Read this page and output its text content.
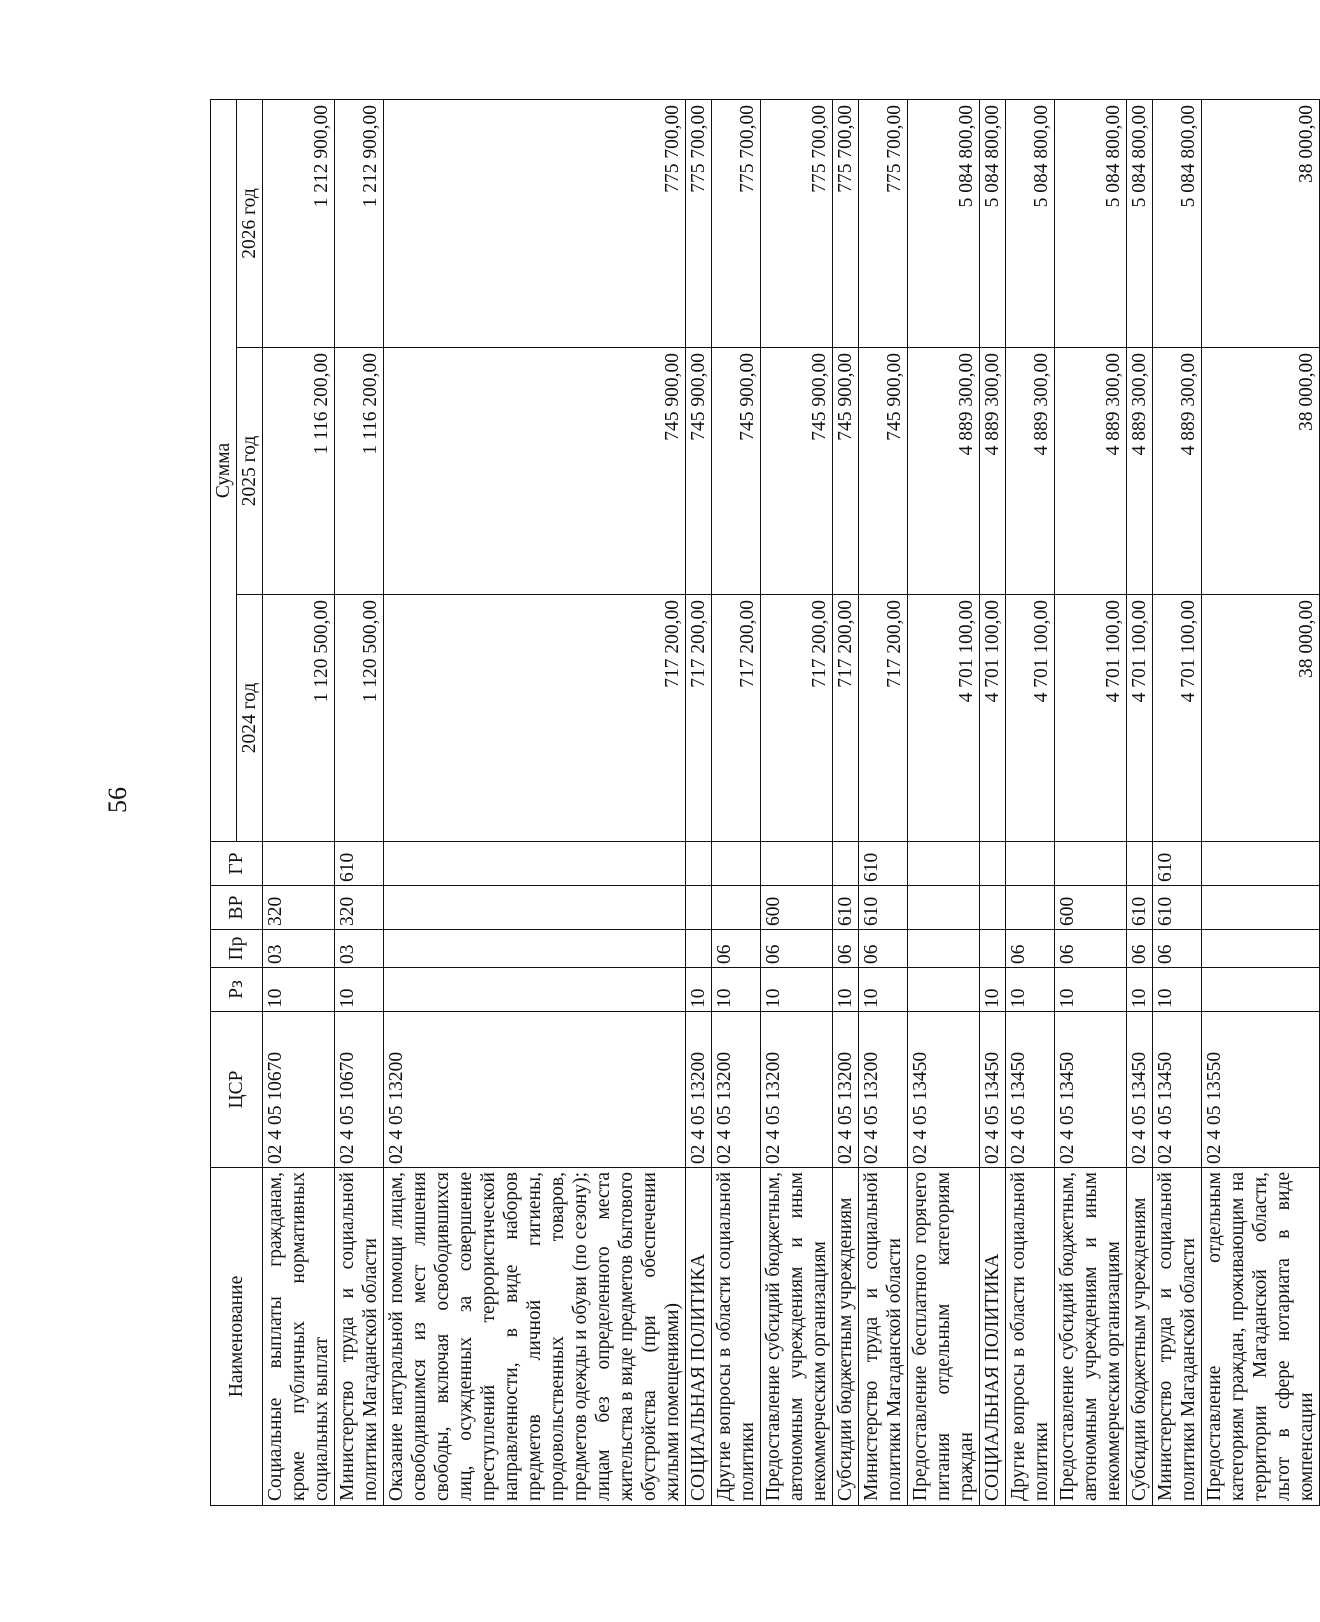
56
Наименование	ЦСР	Рз	Пр	ВР	ГР	Сумма		
						2024 год	2025 год	2026 год
Социальные выплаты гражданам, кроме публичных нормативных социальных выплат	02 4 05 10670	10	03	320		1 120 500,00	1 116 200,00	1 212 900,00
Министерство труда и социальной политики Магаданской области	02 4 05 10670	10	03	320	610	1 120 500,00	1 116 200,00	1 212 900,00
Оказание натуральной помощи лицам, освободившимся из мест лишения свободы, включая освободившихся лиц, осужденных за совершение преступлений террористической направленности, в виде наборов предметов личной гигиены, продовольственных товаров, предметов одежды и обуви (по сезону); лицам без определенного места жительства в виде предметов бытового обустройства (при обеспечении жилыми помещениями)	02 4 05 13200					717 200,00	745 900,00	775 700,00
СОЦИАЛЬНАЯ ПОЛИТИКА	02 4 05 13200	10				717 200,00	745 900,00	775 700,00
Другие вопросы в области социальной политики	02 4 05 13200	10	06			717 200,00	745 900,00	775 700,00
Предоставление субсидий бюджетным, автономным учреждениям и иным некоммерческим организациям	02 4 05 13200	10	06	600		717 200,00	745 900,00	775 700,00
Субсидии бюджетным учреждениям	02 4 05 13200	10	06	610		717 200,00	745 900,00	775 700,00
Министерство труда и социальной политики Магаданской области	02 4 05 13200	10	06	610	610	717 200,00	745 900,00	775 700,00
Предоставление бесплатного горячего питания отдельным категориям граждан	02 4 05 13450					4 701 100,00	4 889 300,00	5 084 800,00
СОЦИАЛЬНАЯ ПОЛИТИКА	02 4 05 13450	10				4 701 100,00	4 889 300,00	5 084 800,00
Другие вопросы в области социальной политики	02 4 05 13450	10	06			4 701 100,00	4 889 300,00	5 084 800,00
Предоставление субсидий бюджетным, автономным учреждениям и иным некоммерческим организациям	02 4 05 13450	10	06	600		4 701 100,00	4 889 300,00	5 084 800,00
Субсидии бюджетным учреждениям	02 4 05 13450	10	06	610		4 701 100,00	4 889 300,00	5 084 800,00
Министерство труда и социальной политики Магаданской области	02 4 05 13450	10	06	610	610	4 701 100,00	4 889 300,00	5 084 800,00
Предоставление отдельным категориям граждан, проживающим на территории Магаданской области, льгот в сфере нотариата в виде компенсации	02 4 05 13550					38 000,00	38 000,00	38 000,00
